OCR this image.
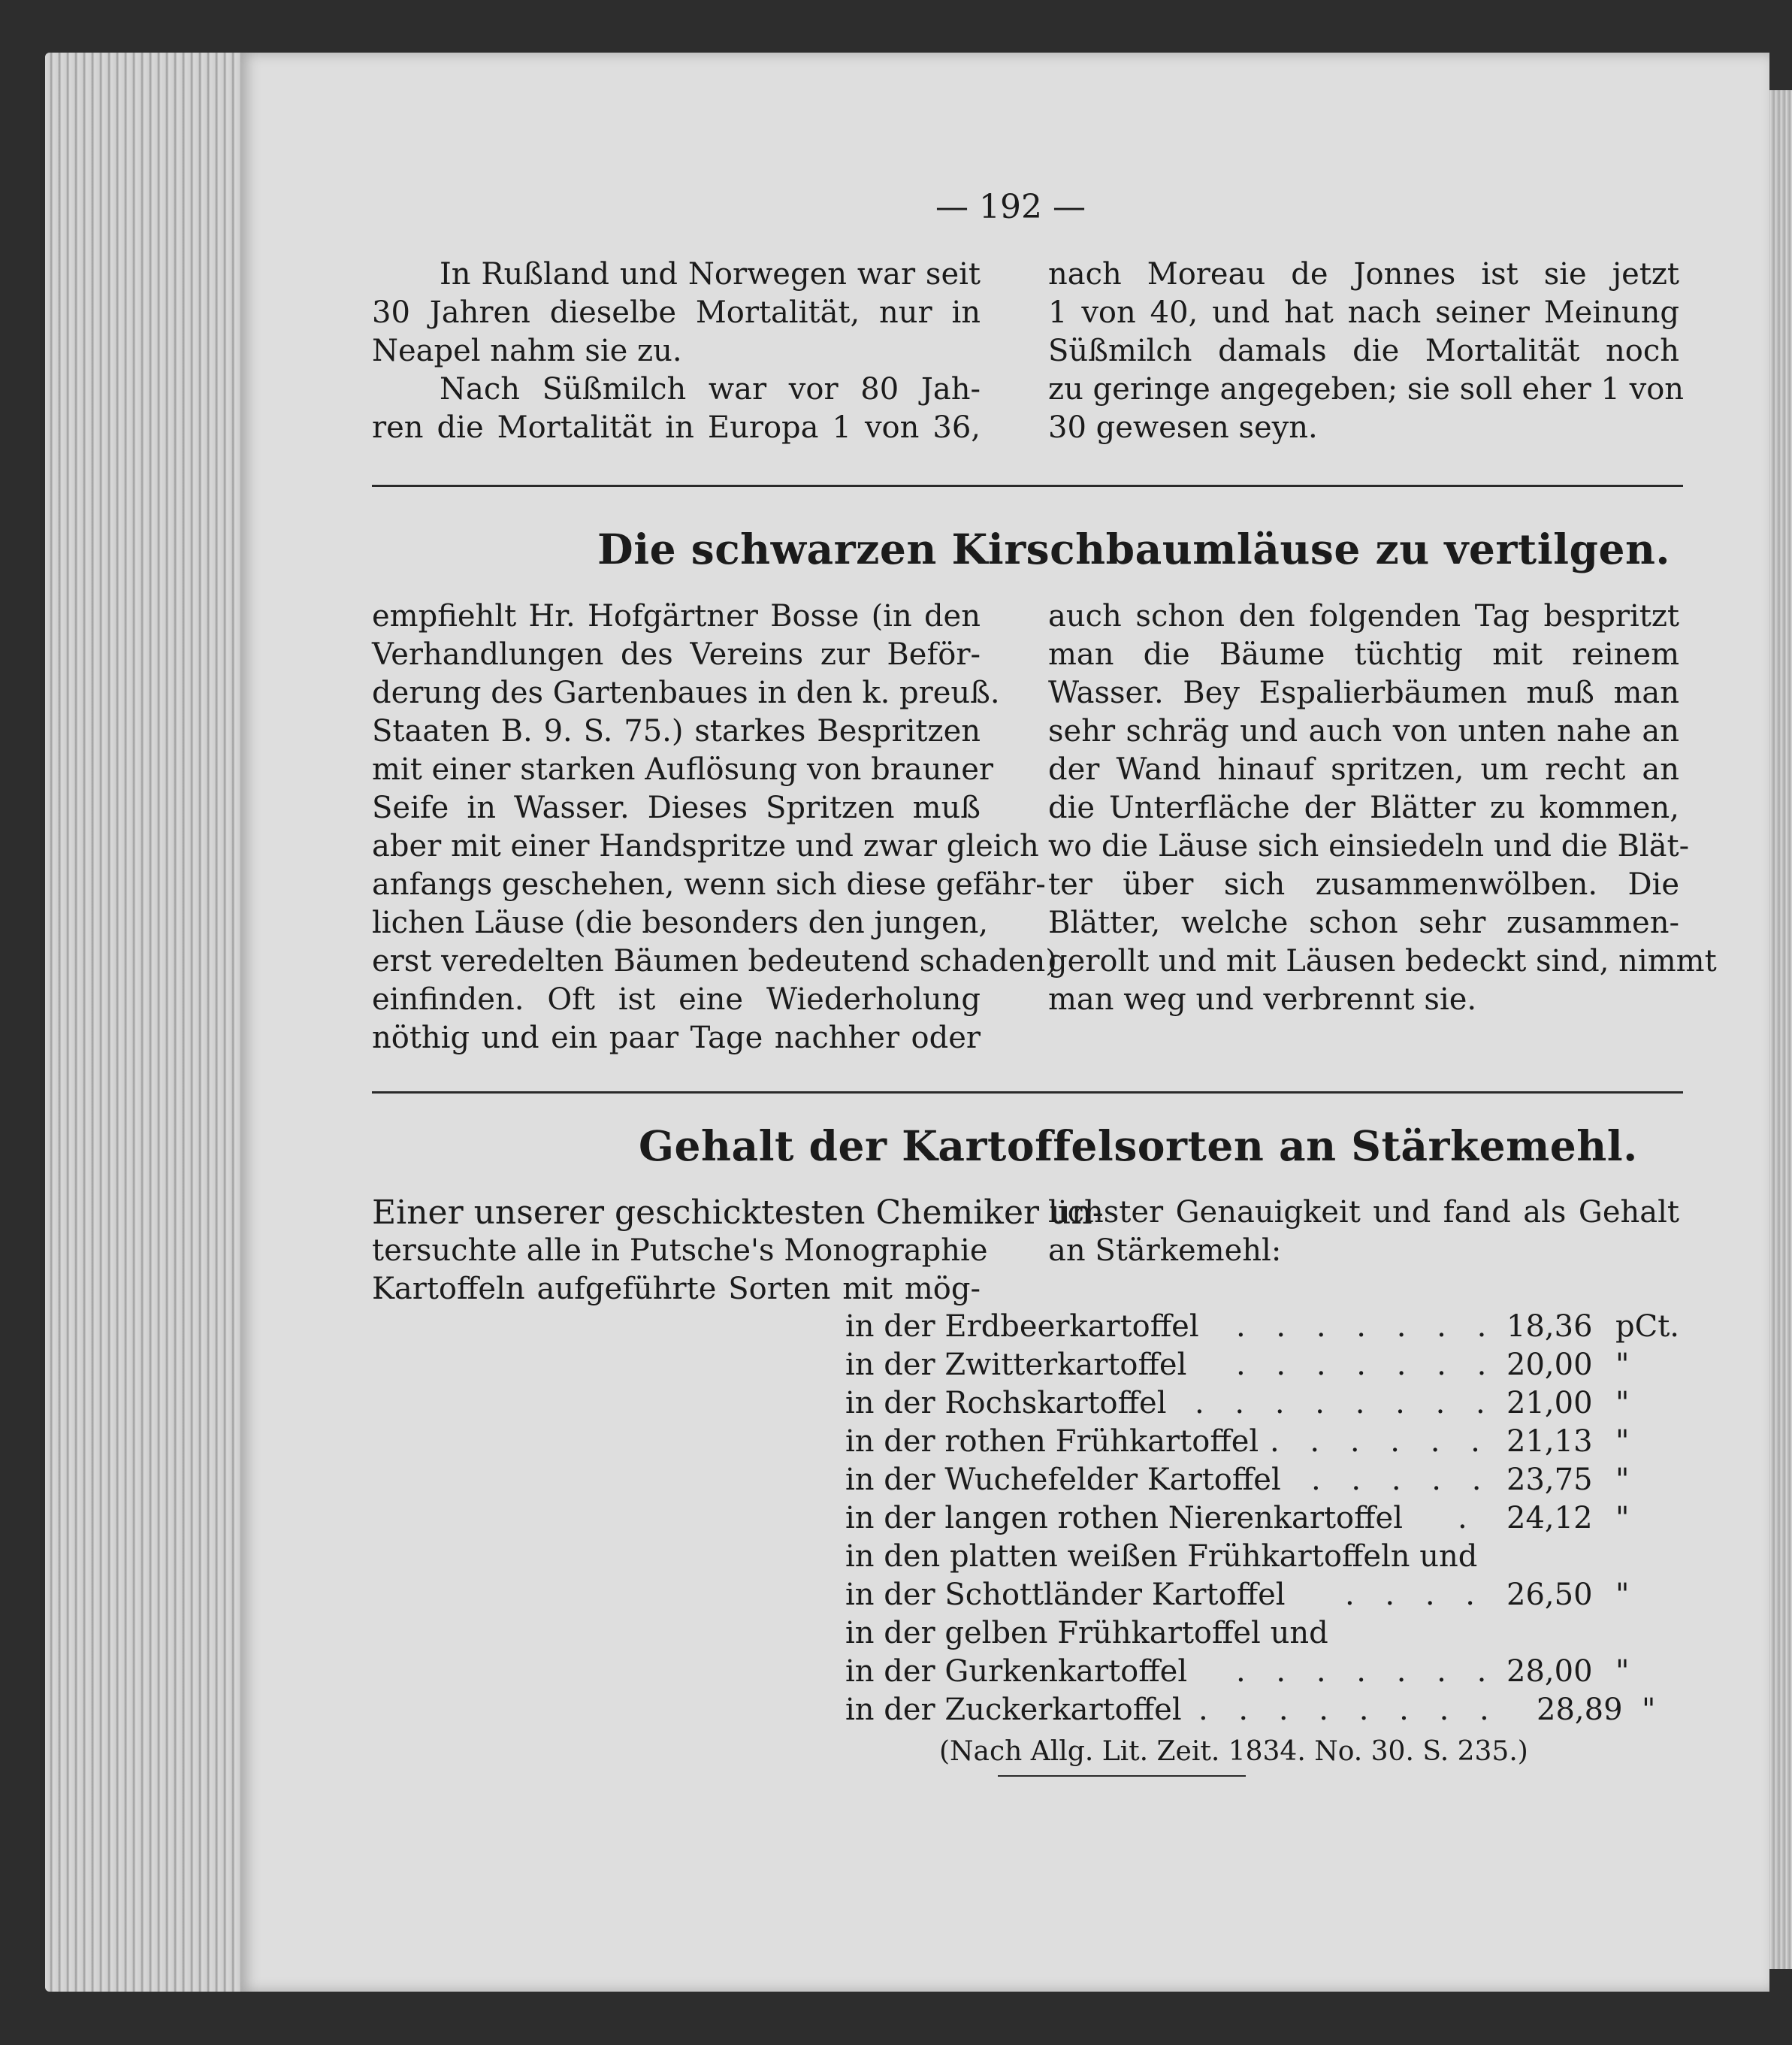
— 192 —
In Rußland und Norwegen war seit
30 Jahren dieselbe Mortalität, nur in
Neapel nahm sie zu.
Nach Süßmilch war vor 80 Jah-
ren die Mortalität in Europa 1 von 36,
nach Moreau de Jonnes ist sie jetzt
1 von 40, und hat nach seiner Meinung
Süßmilch damals die Mortalität noch
zu geringe angegeben; sie soll eher 1 von
30 gewesen seyn.
Die schwarzen Kirschbaumläuse zu vertilgen.
empfiehlt Hr. Hofgärtner Bosse (in den
Verhandlungen des Vereins zur Beför-
derung des Gartenbaues in den k. preuß.
Staaten B. 9. S. 75.) starkes Bespritzen
mit einer starken Auflösung von brauner
Seife in Wasser. Dieses Spritzen muß
aber mit einer Handspritze und zwar gleich
anfangs geschehen, wenn sich diese gefähr-
lichen Läuse (die besonders den jungen,
erst veredelten Bäumen bedeutend schaden)
einfinden. Oft ist eine Wiederholung
nöthig und ein paar Tage nachher oder
auch schon den folgenden Tag bespritzt
man die Bäume tüchtig mit reinem
Wasser. Bey Espalierbäumen muß man
sehr schräg und auch von unten nahe an
der Wand hinauf spritzen, um recht an
die Unterfläche der Blätter zu kommen,
wo die Läuse sich einsiedeln und die Blät-
ter über sich zusammenwölben. Die
Blätter, welche schon sehr zusammen-
gerollt und mit Läusen bedeckt sind, nimmt
man weg und verbrennt sie.
Gehalt der Kartoffelsorten an Stärkemehl.
Einer unserer geschicktesten Chemiker un-
tersuchte alle in Putsche's Monographie
Kartoffeln aufgeführte Sorten mit mög-
lichster Genauigkeit und fand als Gehalt
an Stärkemehl:
in der Erdbeerkartoffel . . . . . . . 18,36 pCt.
in der Zwitterkartoffel . . . . . . . 20,00 "
in der Rochskartoffel . . . . . . . . 21,00 "
in der rothen Frühkartoffel . . . . . . 21,13 "
in der Wuchefelder Kartoffel . . . . . 23,75 "
in der langen rothen Nierenkartoffel . 24,12 "
in den platten weißen Frühkartoffeln und
in der Schottländer Kartoffel . . . . 26,50 "
in der gelben Frühkartoffel und
in der Gurkenkartoffel . . . . . . . 28,00 "
in der Zuckerkartoffel . . . . . . . . 28,89 "
(Nach Allg. Lit. Zeit. 1834. No. 30. S. 235.)
